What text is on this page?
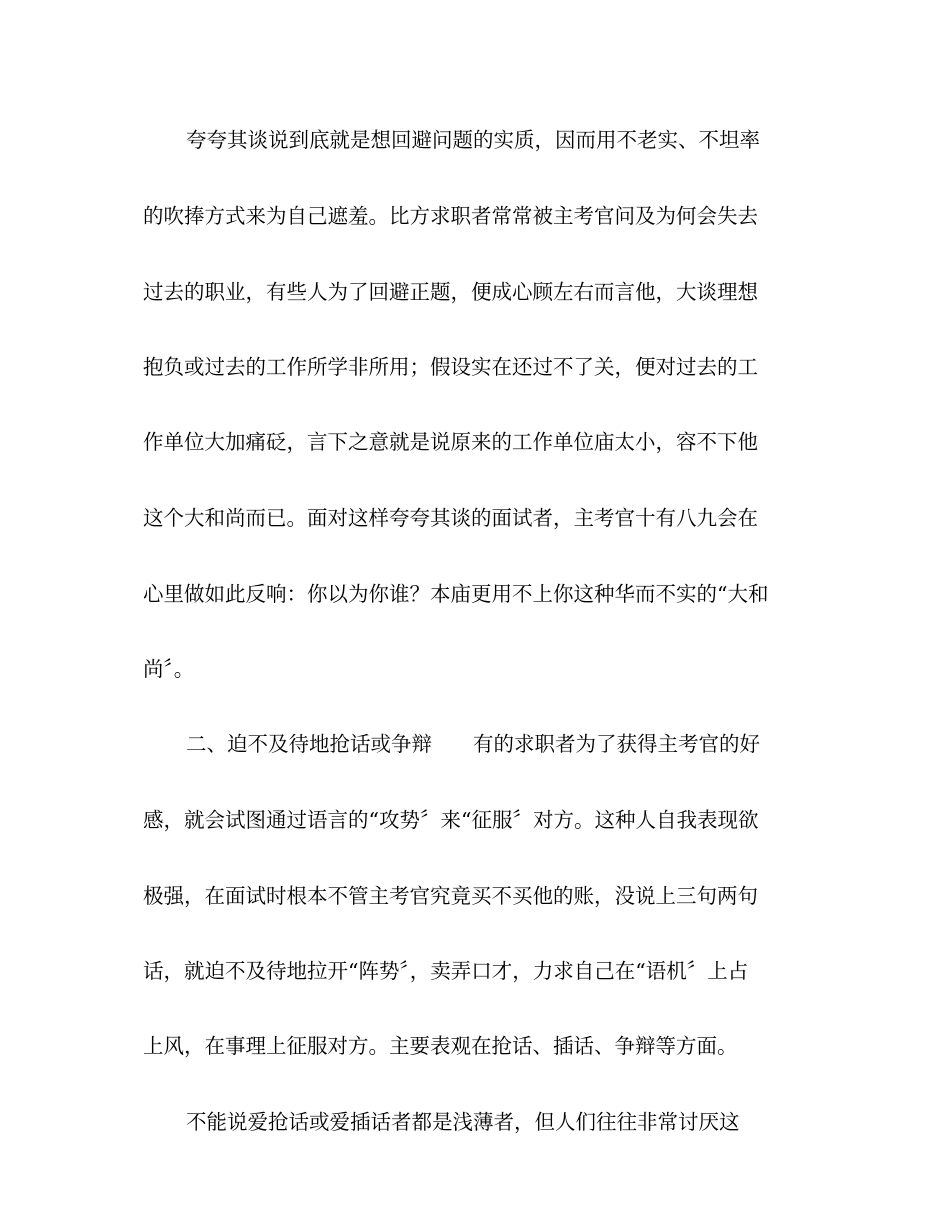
夸夸其谈说到底就是想回避问题的实质，因而用不老实、不坦率
的吹捧方式来为自己遮羞。比方求职者常常被主考官问及为何会失去
过去的职业，有些人为了回避正题，便成心顾左右而言他，大谈理想
抱负或过去的工作所学非所用；假设实在还过不了关，便对过去的工
作单位大加痛砭，言下之意就是说原来的工作单位庙太小，容不下他
这个大和尚而已。面对这样夸夸其谈的面试者，主考官十有八九会在
心里做如此反响：你以为你谁？本庙更用不上你这种华而不实的“大和
尚〞。
二、迫不及待地抢话或争辩　　有的求职者为了获得主考官的好
感，就会试图通过语言的“攻势〞来“征服〞对方。这种人自我表现欲
极强，在面试时根本不管主考官究竟买不买他的账，没说上三句两句
话，就迫不及待地拉开“阵势〞，卖弄口才，力求自己在“语机〞上占
上风，在事理上征服对方。主要表观在抢话、插话、争辩等方面。
不能说爱抢话或爱插话者都是浅薄者，但人们往往非常讨厌这
